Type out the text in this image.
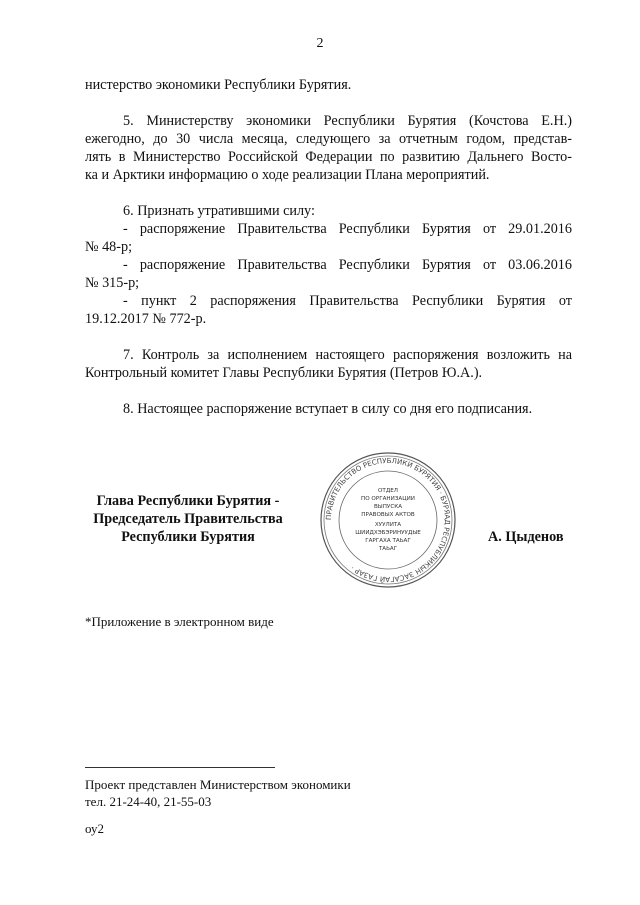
2
нистерство экономики Республики Бурятия.
5. Министерству экономики Республики Бурятия (Кочстова Е.Н.)
ежегодно, до 30 числа месяца, следующего за отчетным годом, представ-
лять в Министерство Российской Федерации по развитию Дальнего Восто-
ка и Арктики информацию о ходе реализации Плана мероприятий.
6. Признать утратившими силу:
- распоряжение Правительства Республики Бурятия от 29.01.2016
№ 48-р;
- распоряжение Правительства Республики Бурятия от 03.06.2016
№ 315-р;
- пункт 2 распоряжения Правительства Республики Бурятия от
19.12.2017 № 772-р.
7. Контроль за исполнением настоящего распоряжения возложить на
Контрольный комитет Главы Республики Бурятия (Петров Ю.А.).
8. Настоящее распоряжение вступает в силу со дня его подписания.
Глава Республики Бурятия -
Председатель Правительства
Республики Бурятия
ПРАВИТЕЛЬСТВО РЕСПУБЛИКИ БУРЯТИЯ · БУРЯАД РЕСПУБЛИКЫН ЗАСАГАЙ ГАЗАР ·
ОТДЕЛ
ПО ОРГАНИЗАЦИИ
ВЫПУСКА
ПРАВОВЫХ АКТОВ
ХУУЛИТА
ШИИДХЭБЭРИНУУДЫЕ
ГАРГАХА ТАЬАГ
ТАЬАГ
А. Цыденов
*Приложение в электронном виде
Проект представлен Министерством экономики
тел. 21-24-40, 21-55-03
оу2
